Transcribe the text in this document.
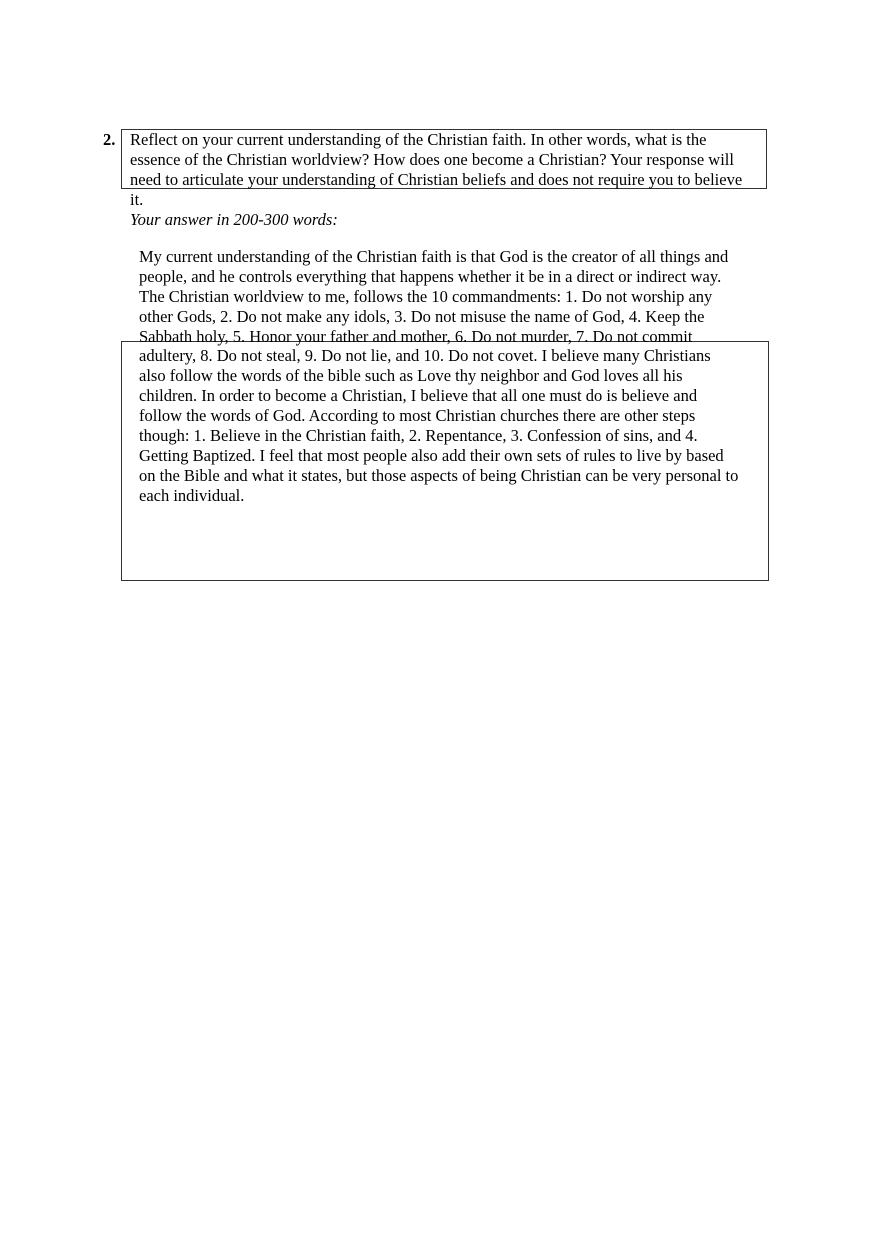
2. Reflect on your current understanding of the Christian faith. In other words, what is the
essence of the Christian worldview? How does one become a Christian? Your response will
need to articulate your understanding of Christian beliefs and does not require you to believe
it.
Your answer in 200-300 words:
My current understanding of the Christian faith is that God is the creator of all things and
people, and he controls everything that happens whether it be in a direct or indirect way.
The Christian worldview to me, follows the 10 commandments: 1. Do not worship any
other Gods, 2. Do not make any idols, 3. Do not misuse the name of God, 4. Keep the
Sabbath holy, 5. Honor your father and mother, 6. Do not murder, 7. Do not commit
adultery, 8. Do not steal, 9. Do not lie, and 10. Do not covet. I believe many Christians
also follow the words of the bible such as Love thy neighbor and God loves all his
children. In order to become a Christian, I believe that all one must do is believe and
follow the words of God. According to most Christian churches there are other steps
though: 1. Believe in the Christian faith, 2. Repentance, 3. Confession of sins, and 4.
Getting Baptized. I feel that most people also add their own sets of rules to live by based
on the Bible and what it states, but those aspects of being Christian can be very personal to
each individual.
